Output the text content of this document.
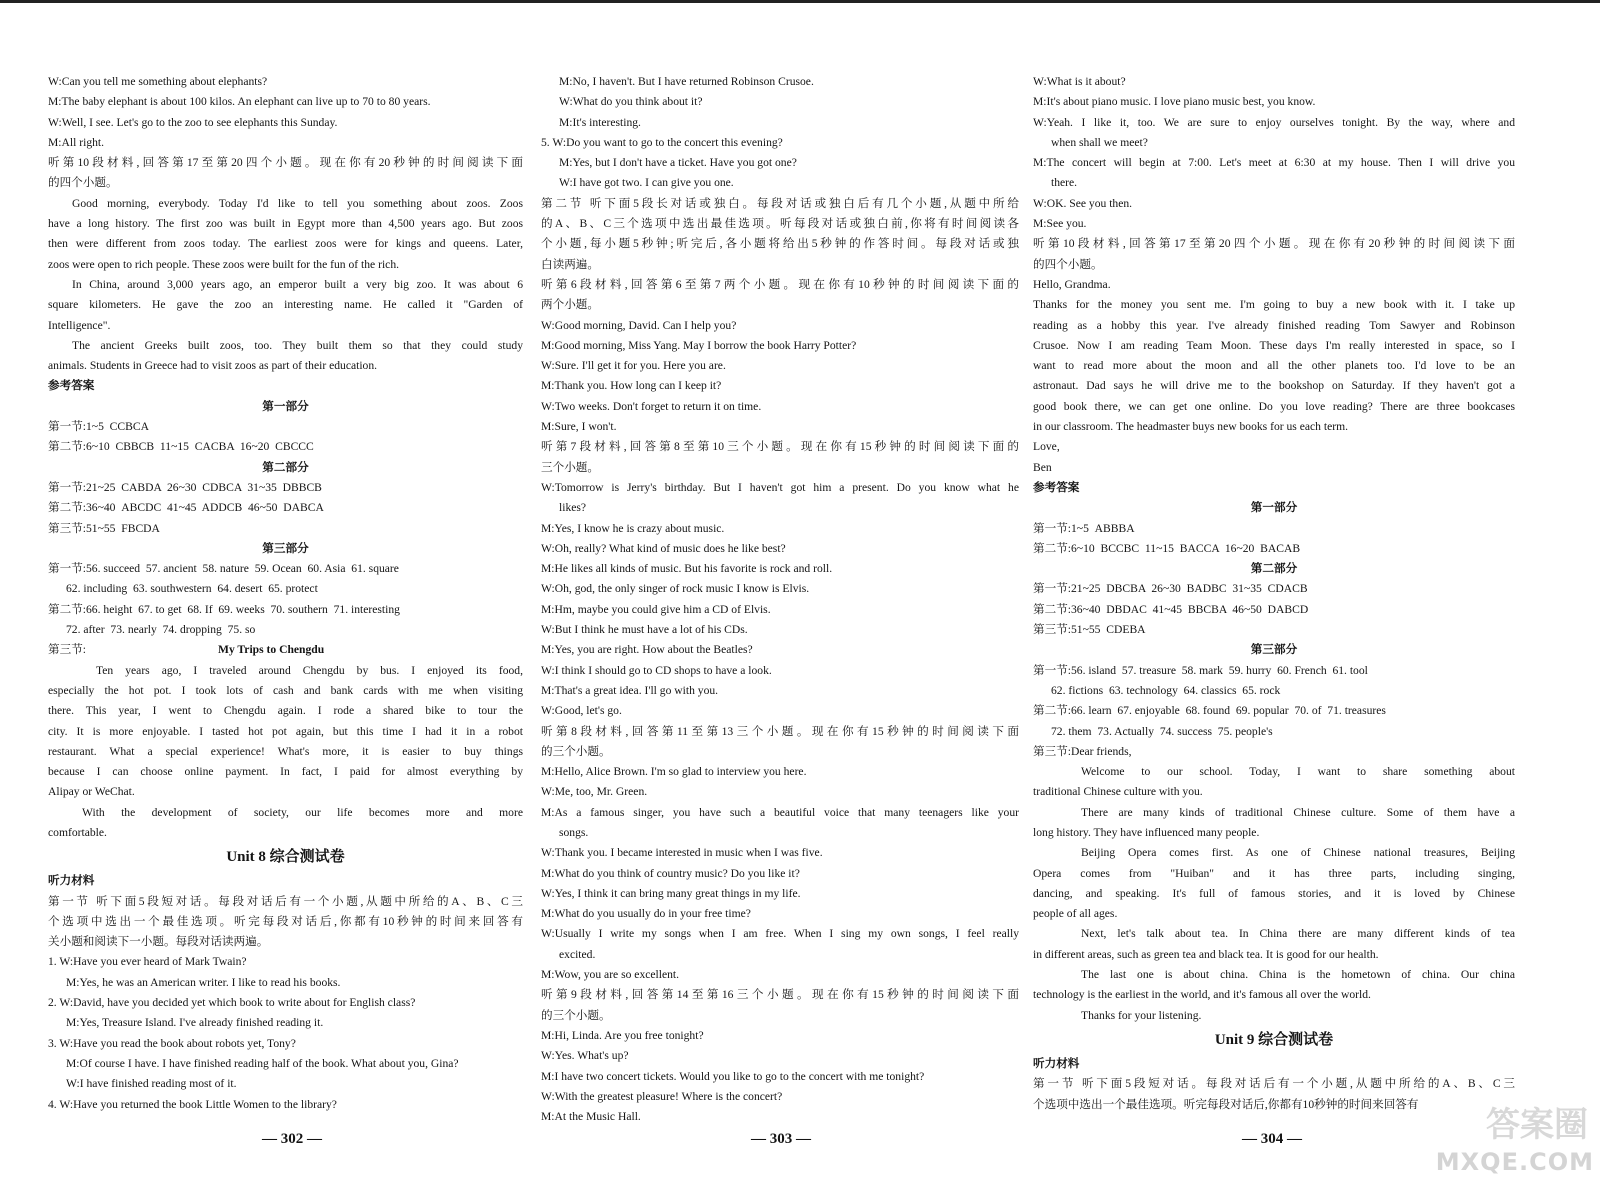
W:Can you tell me something about elephants?
M:The baby elephant is about 100 kilos. An elephant can live up to 70 to 80 years.
W:Well, I see. Let's go to the zoo to see elephants this Sunday.
M:All right.
听第10段材料,回答第17至第20四个小题。现在你有20秒钟的时间阅读下面
的四个小题。
Good morning, everybody. Today I'd like to tell you something about zoos. Zoos
have a long history. The first zoo was built in Egypt more than 4,500 years ago. But zoos
then were different from zoos today. The earliest zoos were for kings and queens. Later,
zoos were open to rich people. These zoos were built for the fun of the rich.
In China, around 3,000 years ago, an emperor built a very big zoo. It was about 6
square kilometers. He gave the zoo an interesting name. He called it "Garden of
Intelligence".
The ancient Greeks built zoos, too. They built them so that they could study
animals. Students in Greece had to visit zoos as part of their education.
参考答案
第一部分
第一节:1~5  CCBCA
第二节:6~10  CBBCB  11~15  CACBA  16~20  CBCCC
第二部分
第一节:21~25  CABDA  26~30  CDBCA  31~35  DBBCB
第二节:36~40  ABCDC  41~45  ADDCB  46~50  DABCA
第三节:51~55  FBCDA
第三部分
第一节:56. succeed  57. ancient  58. nature  59. Ocean  60. Asia  61. square
62. including  63. southwestern  64. desert  65. protect
第二节:66. height  67. to get  68. If  69. weeks  70. southern  71. interesting
72. after  73. nearly  74. dropping  75. so
第三节:	My Trips to Chengdu
Ten years ago, I traveled around Chengdu by bus. I enjoyed its food,
especially the hot pot. I took lots of cash and bank cards with me when visiting
there. This year, I went to Chengdu again. I rode a shared bike to tour the
city. It is more enjoyable. I tasted hot pot again, but this time I had it in a robot
restaurant. What a special experience! What's more, it is easier to buy things
because I can choose online payment. In fact, I paid for almost everything by
Alipay or WeChat.
With the development of society, our life becomes more and more
comfortable.
Unit 8 综合测试卷
听力材料
第一节 听下面5段短对话。每段对话后有一个小题,从题中所给的A、B、C三
个选项中选出一个最佳选项。听完每段对话后,你都有10秒钟的时间来回答有
关小题和阅读下一小题。每段对话读两遍。
1. W:Have you ever heard of Mark Twain?
M:Yes, he was an American writer. I like to read his books.
2. W:David, have you decided yet which book to write about for English class?
M:Yes, Treasure Island. I've already finished reading it.
3. W:Have you read the book about robots yet, Tony?
M:Of course I have. I have finished reading half of the book. What about you, Gina?
W:I have finished reading most of it.
4. W:Have you returned the book Little Women to the library?
M:No, I haven't. But I have returned Robinson Crusoe.
W:What do you think about it?
M:It's interesting.
5. W:Do you want to go to the concert this evening?
M:Yes, but I don't have a ticket. Have you got one?
W:I have got two. I can give you one.
第二节 听下面5段长对话或独白。每段对话或独白后有几个小题,从题中所给
的A、B、C三个选项中选出最佳选项。听每段对话或独白前,你将有时间阅读各
个小题,每小题5秒钟;听完后,各小题将给出5秒钟的作答时间。每段对话或独
白读两遍。
听第6段材料,回答第6至第7两个小题。现在你有10秒钟的时间阅读下面的
两个小题。
W:Good morning, David. Can I help you?
M:Good morning, Miss Yang. May I borrow the book Harry Potter?
W:Sure. I'll get it for you. Here you are.
M:Thank you. How long can I keep it?
W:Two weeks. Don't forget to return it on time.
M:Sure, I won't.
听第7段材料,回答第8至第10三个小题。现在你有15秒钟的时间阅读下面的
三个小题。
W:Tomorrow is Jerry's birthday. But I haven't got him a present. Do you know what he
likes?
M:Yes, I know he is crazy about music.
W:Oh, really? What kind of music does he like best?
M:He likes all kinds of music. But his favorite is rock and roll.
W:Oh, god, the only singer of rock music I know is Elvis.
M:Hm, maybe you could give him a CD of Elvis.
W:But I think he must have a lot of his CDs.
M:Yes, you are right. How about the Beatles?
W:I think I should go to CD shops to have a look.
M:That's a great idea. I'll go with you.
W:Good, let's go.
听第8段材料,回答第11至第13三个小题。现在你有15秒钟的时间阅读下面
的三个小题。
M:Hello, Alice Brown. I'm so glad to interview you here.
W:Me, too, Mr. Green.
M:As a famous singer, you have such a beautiful voice that many teenagers like your
songs.
W:Thank you. I became interested in music when I was five.
M:What do you think of country music? Do you like it?
W:Yes, I think it can bring many great things in my life.
M:What do you usually do in your free time?
W:Usually I write my songs when I am free. When I sing my own songs, I feel really
excited.
M:Wow, you are so excellent.
听第9段材料,回答第14至第16三个小题。现在你有15秒钟的时间阅读下面
的三个小题。
M:Hi, Linda. Are you free tonight?
W:Yes. What's up?
M:I have two concert tickets. Would you like to go to the concert with me tonight?
W:With the greatest pleasure! Where is the concert?
M:At the Music Hall.
W:What is it about?
M:It's about piano music. I love piano music best, you know.
W:Yeah. I like it, too. We are sure to enjoy ourselves tonight. By the way, where and
when shall we meet?
M:The concert will begin at 7:00. Let's meet at 6:30 at my house. Then I will drive you
there.
W:OK. See you then.
M:See you.
听第10段材料,回答第17至第20四个小题。现在你有20秒钟的时间阅读下面
的四个小题。
Hello, Grandma.
Thanks for the money you sent me. I'm going to buy a new book with it. I take up
reading as a hobby this year. I've already finished reading Tom Sawyer and Robinson
Crusoe. Now I am reading Team Moon. These days I'm really interested in space, so I
want to read more about the moon and all the other planets too. I'd love to be an
astronaut. Dad says he will drive me to the bookshop on Saturday. If they haven't got a
good book there, we can get one online. Do you love reading? There are three bookcases
in our classroom. The headmaster buys new books for us each term.
Love,
Ben
参考答案
第一部分
第一节:1~5  ABBBA
第二节:6~10  BCCBC  11~15  BACCA  16~20  BACAB
第二部分
第一节:21~25  DBCBA  26~30  BADBC  31~35  CDACB
第二节:36~40  DBDAC  41~45  BBCBA  46~50  DABCD
第三节:51~55  CDEBA
第三部分
第一节:56. island  57. treasure  58. mark  59. hurry  60. French  61. tool
62. fictions  63. technology  64. classics  65. rock
第二节:66. learn  67. enjoyable  68. found  69. popular  70. of  71. treasures
72. them  73. Actually  74. success  75. people's
第三节:Dear friends,
Welcome to our school. Today, I want to share something about
traditional Chinese culture with you.
There are many kinds of traditional Chinese culture. Some of them have a
long history. They have influenced many people.
Beijing Opera comes first. As one of Chinese national treasures, Beijing
Opera comes from "Huiban" and it has three parts, including singing,
dancing, and speaking. It's full of famous stories, and it is loved by Chinese
people of all ages.
Next, let's talk about tea. In China there are many different kinds of tea
in different areas, such as green tea and black tea. It is good for our health.
The last one is about china. China is the hometown of china. Our china
technology is the earliest in the world, and it's famous all over the world.
Thanks for your listening.
Unit 9 综合测试卷
听力材料
第一节 听下面5段短对话。每段对话后有一个小题,从题中所给的A、B、C三
个选项中选出一个最佳选项。听完每段对话后,你都有10秒钟的时间来回答有
— 302 —	— 303 —	— 304 —	答案圈
MXQE.COM
